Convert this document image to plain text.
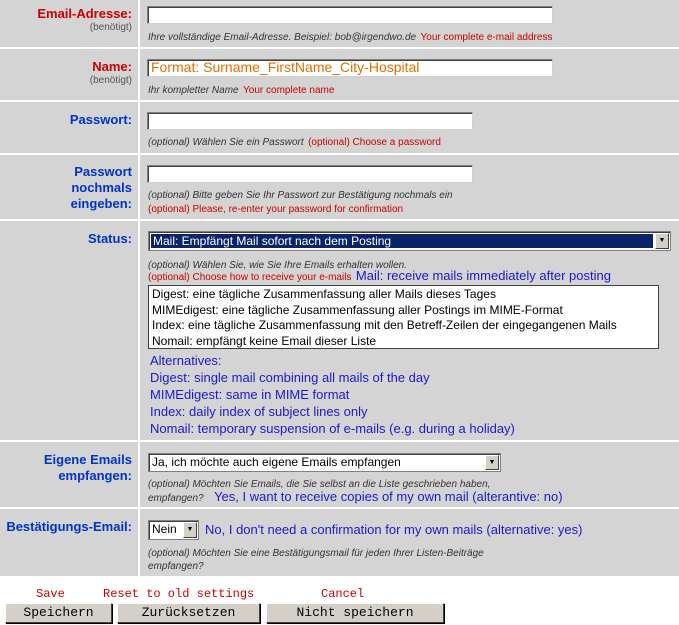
Email-Adresse:
(benötigt)
Ihre vollständige Email-Adresse. Beispiel: bob@irgendwo.de Your complete e-mail address
Name:
(benötigt)
Format: Surname_FirstName_City-Hospital
Ihr kompletter Name Your complete name
Passwort:
(optional) Wählen Sie ein Passwort (optional) Choose a password
Passwort
nochmals
eingeben:
(optional) Bitte geben Sie Ihr Passwort zur Bestätigung nochmals ein
(optional) Please, re-enter your password for confirmation
Status: Mail: Empfängt Mail sofort nach dem Posting	▼
(optional) Wählen Sie, wie Sie Ihre Emails erhalten wollen.
(optional) Choose how to receive your e-mails Mail: receive mails immediately after posting
Digest: eine tägliche Zusammenfassung aller Mails dieses Tages
MIMEdigest: eine tägliche Zusammenfassung aller Postings im MIME-Format
Index: eine tägliche Zusammenfassung mit den Betreff-Zeilen der eingegangenen Mails
Nomail: empfängt keine Email dieser Liste
Alternatives:
Digest: single mail combining all mails of the day
MIMEdigest: same in MIME format
Index: daily index of subject lines only
Nomail: temporary suspension of e-mails (e.g. during a holiday)
Eigene Emails
empfangen:
Ja, ich möchte auch eigene Emails empfangen	▼
(optional) Möchten Sie Emails, die Sie selbst an die Liste geschrieben haben,
empfangen? Yes, I want to receive copies of my own mail (alterantive: no)
Bestätigungs-Email:	Nein	▼ No, I don't need a confirmation for my own mails (alternative: yes)
(optional) Möchten Sie eine Bestätigungsmail für jeden Ihrer Listen-Beiträge
empfangen?
Save	Reset to old settings	Cancel
Speichern	Zurücksetzen	Nicht speichern
